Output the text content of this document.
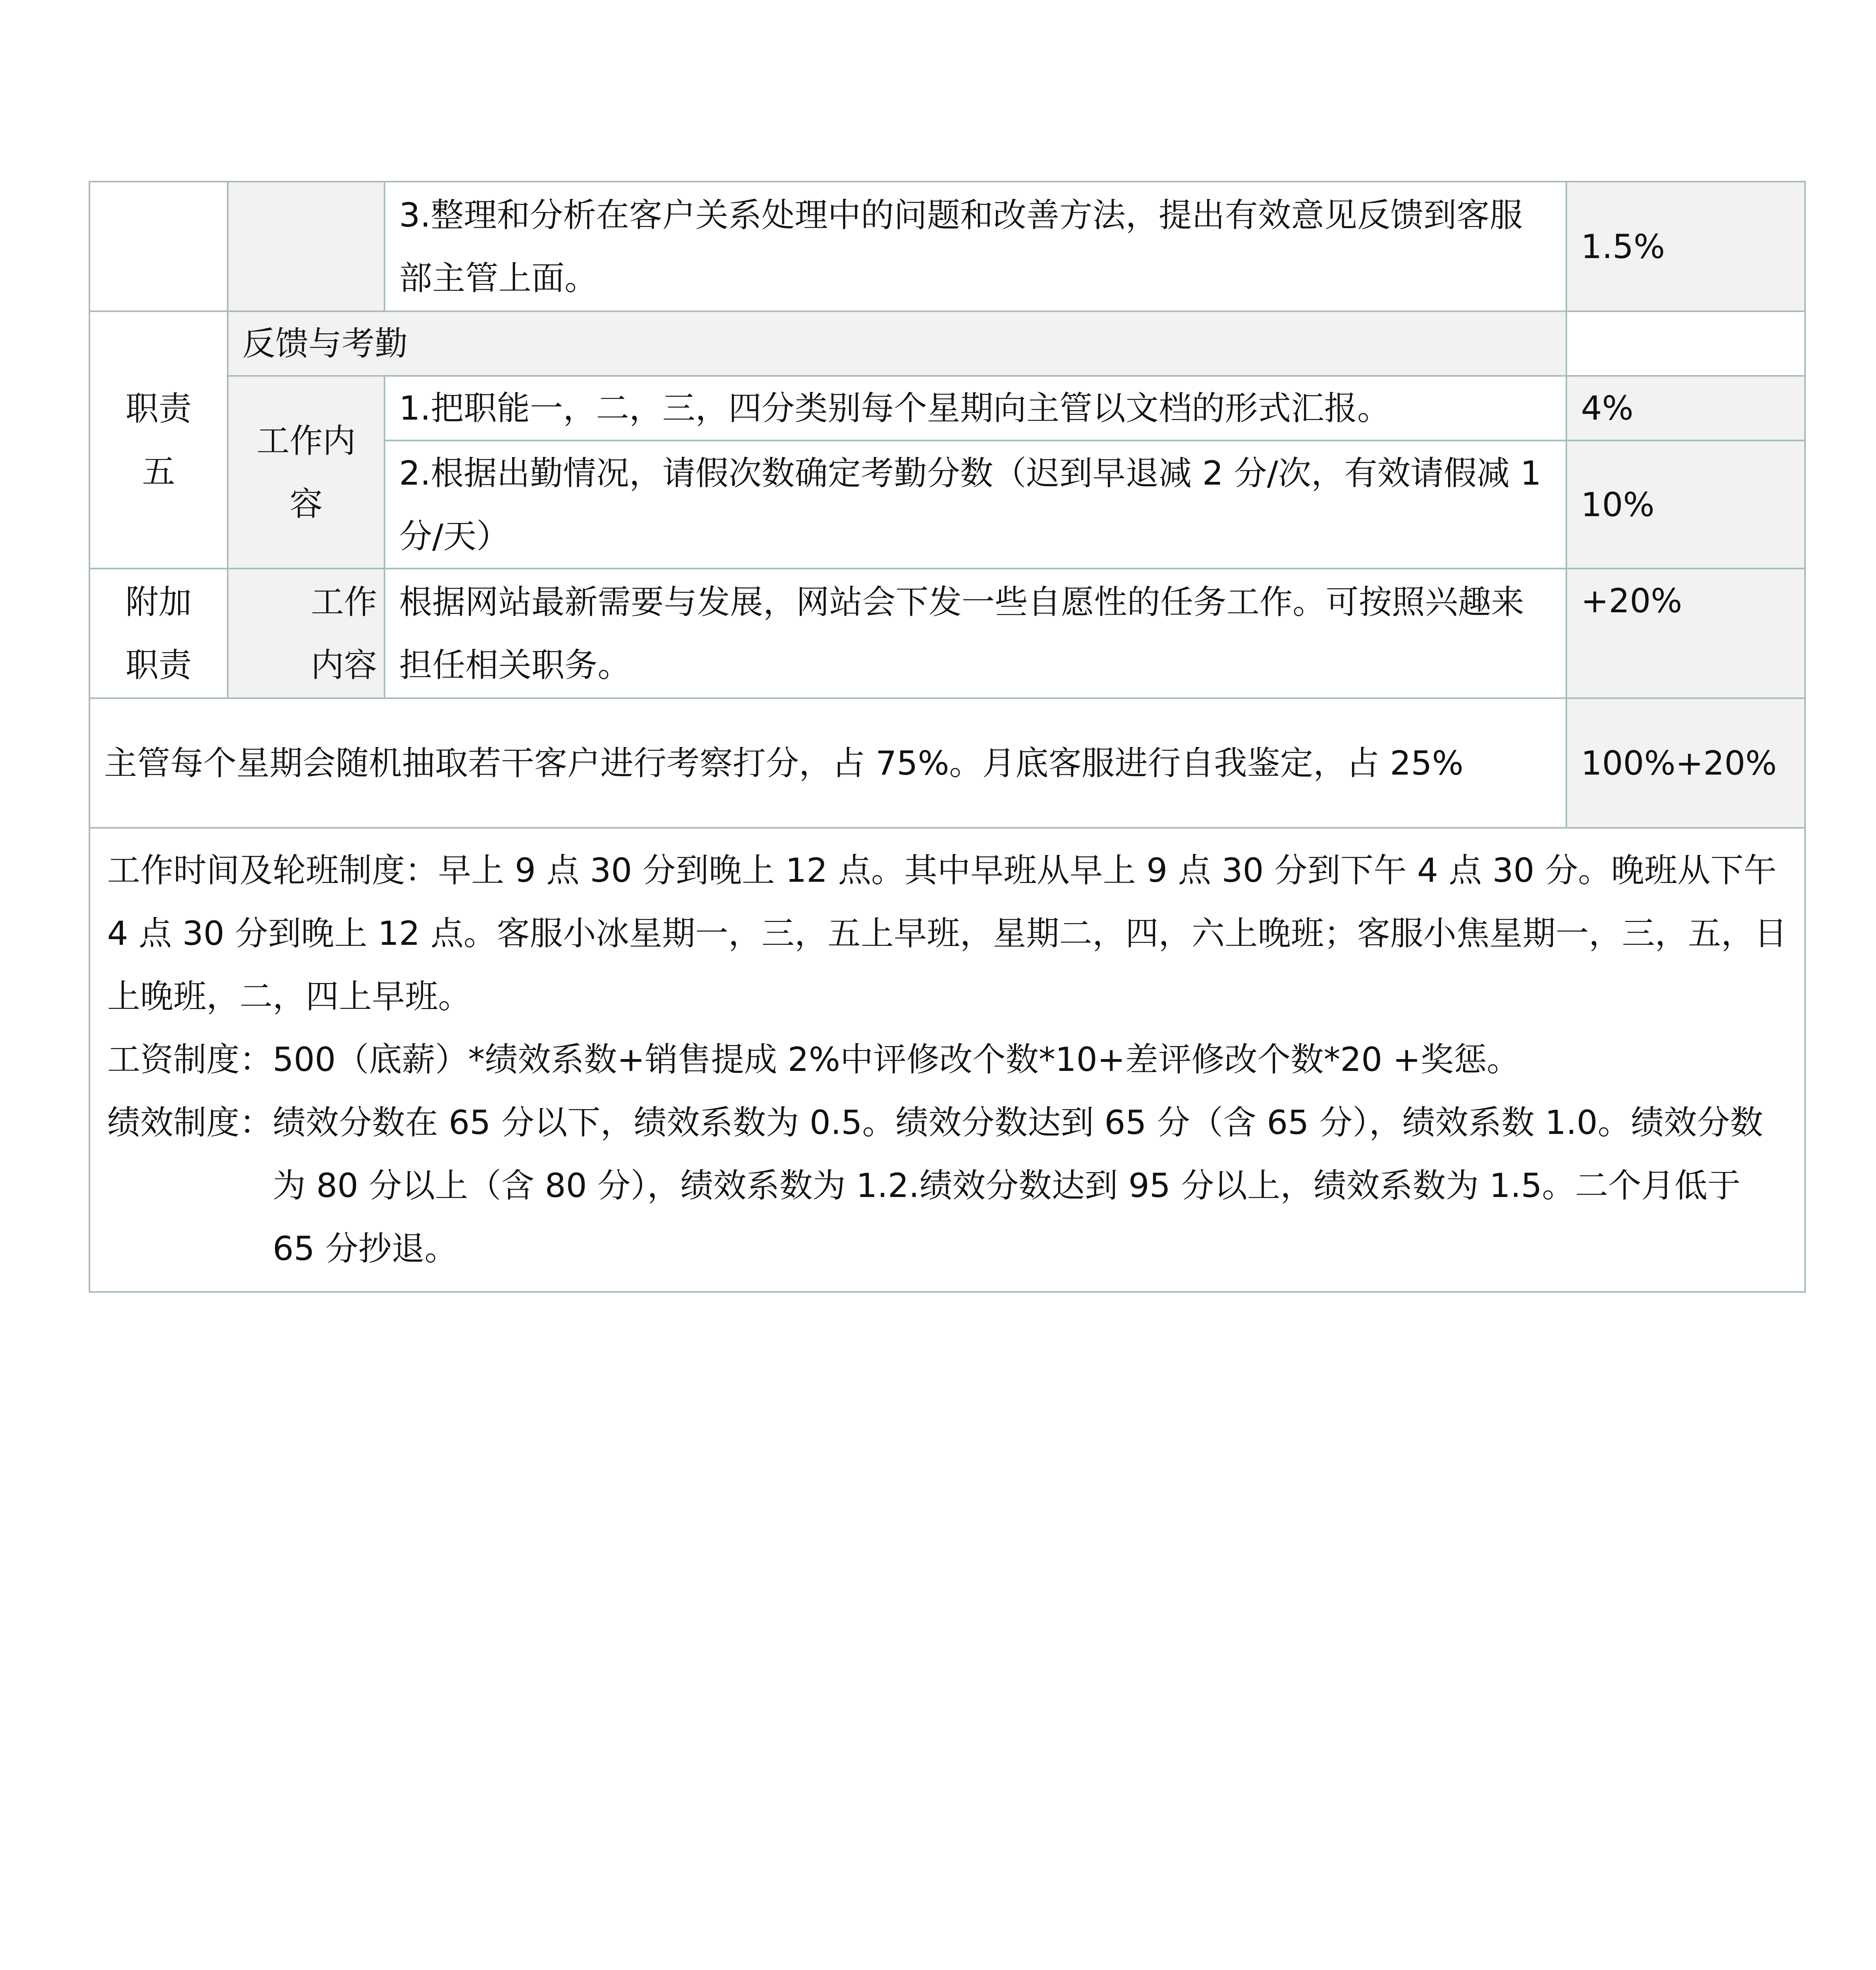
		3.整理和分析在客户关系处理中的问题和改善方法，提出有效意见反馈到客服部主管上面。	1.5%

职责五	反馈与考勤		

	工作内容	1.把职能一，二，三，四分类别每个星期向主管以文档的形式汇报。	4%
		2.根据出勤情况，请假次数确定考勤分数（迟到早退减 2 分/次，有效请假减 1 分/天）	10%

附加职责	工作内容	根据网站最新需要与发展，网站会下发一些自愿性的任务工作。可按照兴趣来担任相关职务。	+20%
主管每个星期会随机抽取若干客户进行考察打分，占 75%。月底客服进行自我鉴定，占 25%			100%+20%

工作时间及轮班制度：早上 9 点 30 分到晚上 12 点。其中早班从早上 9 点 30 分到下午 4 点 30 分。晚班从下午 4 点 30 分到晚上 12 点。客服小冰星期一，三，五上早班，星期二，四，六上晚班；客服小焦星期一，三，五，日上晚班，二，四上早班。

工资制度：500（底薪）*绩效系数+销售提成 2%中评修改个数*10+差评修改个数*20 +奖惩。

绩效制度： 绩效分数在 65 分以下，绩效系数为 0.5。绩效分数达到 65 分（含 65 分），绩效系数 1.0。绩效分数为 80 分以上（含 80 分），绩效系数为 1.2.绩效分数达到 95 分以上，绩效系数为 1.5。二个月低于 65 分抄退。			
